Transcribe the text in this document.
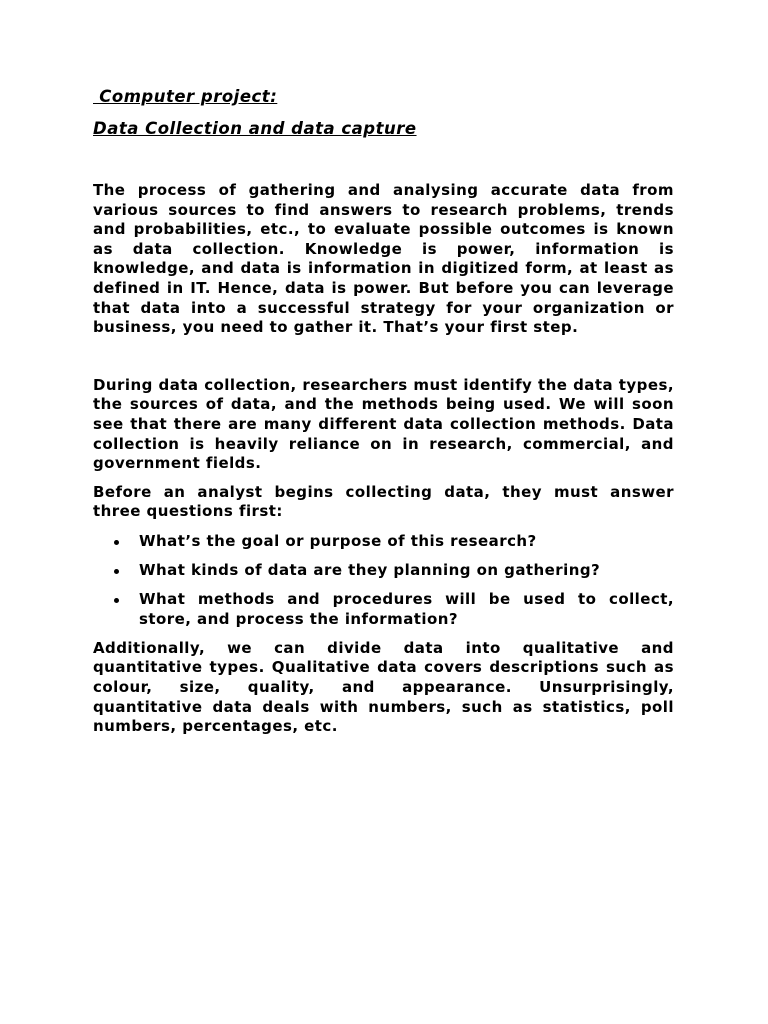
Computer project:

Data Collection and data capture

The process of gathering and analysing accurate data from various sources to find answers to research problems, trends and probabilities, etc., to evaluate possible outcomes is known as data collection. Knowledge is power, information is knowledge, and data is information in digitized form, at least as defined in IT. Hence, data is power. But before you can leverage that data into a successful strategy for your organization or business, you need to gather it. That’s your first step.

During data collection, researchers must identify the data types, the sources of data, and the methods being used. We will soon see that there are many different data collection methods. Data collection is heavily reliance on in research, commercial, and government fields.

Before an analyst begins collecting data, they must answer three questions first:

What’s the goal or purpose of this research?
What kinds of data are they planning on gathering?
What methods and procedures will be used to collect, store, and process the information?

Additionally, we can divide data into qualitative and quantitative types. Qualitative data covers descriptions such as colour, size, quality, and appearance. Unsurprisingly, quantitative data deals with numbers, such as statistics, poll numbers, percentages, etc.
